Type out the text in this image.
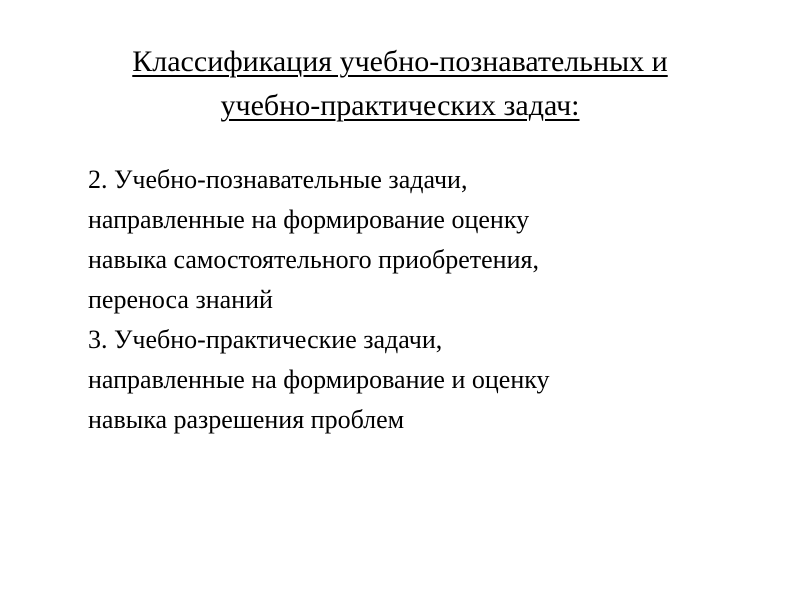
Классификация учебно-познавательных и
учебно-практических задач:
2. Учебно-познавательные задачи,
направленные на формирование оценку
навыка самостоятельного приобретения,
переноса знаний
3. Учебно-практические задачи,
направленные на формирование и оценку
навыка разрешения проблем
